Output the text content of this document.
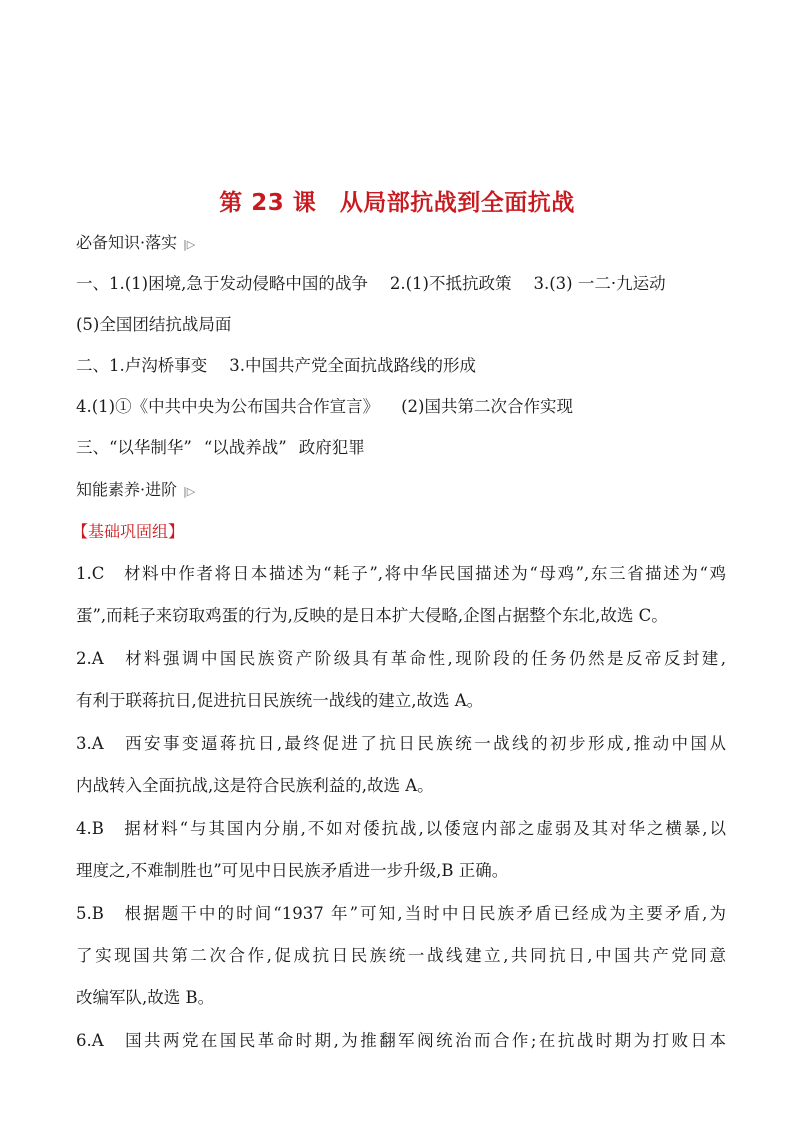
第 23 课　从局部抗战到全面抗战
必备知识·落实 |▷
一、1.(1)困境,急于发动侵略中国的战争 2.(1)不抵抗政策 3.(3) 一二·九运动
(5)全国团结抗战局面
二、1.卢沟桥事变 3.中国共产党全面抗战路线的形成
4.(1)①《中共中央为公布国共合作宣言》 (2)国共第二次合作实现
三、“以华制华” “以战养战” 政府犯罪
知能素养·进阶 |▷
【基础巩固组】
1.C　材料中作者将日本描述为“耗子”,将中华民国描述为“母鸡”,东三省描述为“鸡
蛋”,而耗子来窃取鸡蛋的行为,反映的是日本扩大侵略,企图占据整个东北,故选 C。
2.A　材料强调中国民族资产阶级具有革命性,现阶段的任务仍然是反帝反封建,
有利于联蒋抗日,促进抗日民族统一战线的建立,故选 A。
3.A　西安事变逼蒋抗日,最终促进了抗日民族统一战线的初步形成,推动中国从
内战转入全面抗战,这是符合民族利益的,故选 A。
4.B　据材料“与其国内分崩,不如对倭抗战,以倭寇内部之虚弱及其对华之横暴,以
理度之,不难制胜也”可见中日民族矛盾进一步升级,B 正确。
5.B　根据题干中的时间“1937 年”可知,当时中日民族矛盾已经成为主要矛盾,为
了实现国共第二次合作,促成抗日民族统一战线建立,共同抗日,中国共产党同意
改编军队,故选 B。
6.A　国共两党在国民革命时期,为推翻军阀统治而合作;在抗战时期为打败日本
